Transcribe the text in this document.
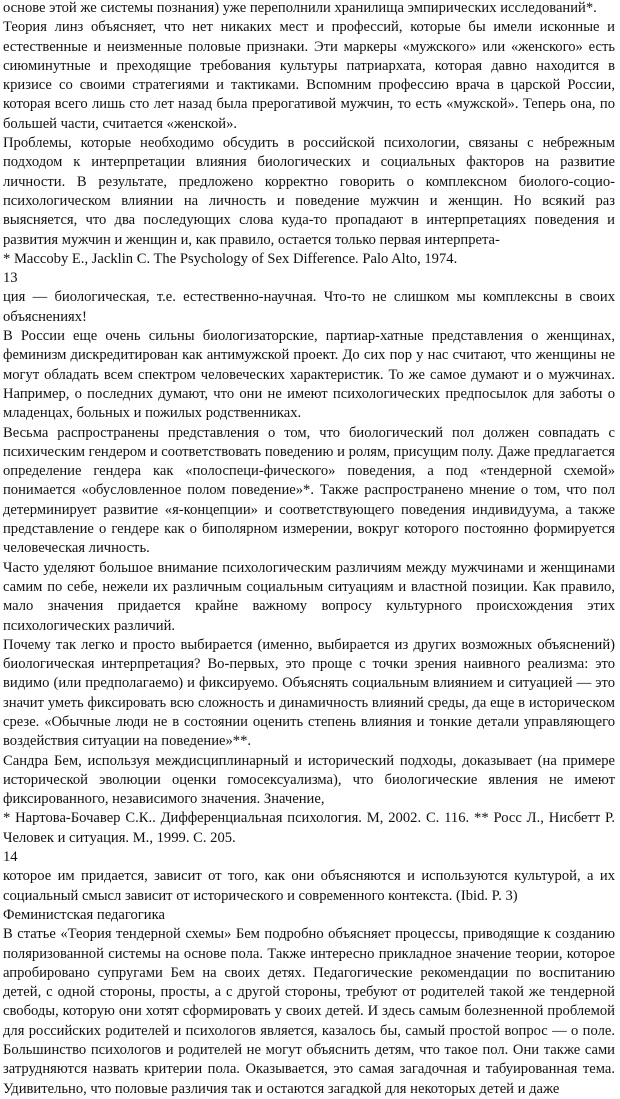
основе этой же системы познания) уже переполнили хранилища эмпирических исследований*.

Теория линз объясняет, что нет никаких мест и профессий, которые бы имели исконные и естественные и неизменные половые признаки. Эти маркеры «мужского» или «женского» есть сиюминутные и преходящие требования культуры патриархата, которая давно находится в кризисе со своими стратегиями и тактиками. Вспомним профессию врача в царской России, которая всего лишь сто лет назад была прерогативой мужчин, то есть «мужской». Теперь она, по большей части, считается «женской».

Проблемы, которые необходимо обсудить в российской психологии, связаны с небрежным подходом к интерпретации влияния биологических и социальных факторов на развитие личности. В результате, предложено корректно говорить о комплексном биолого-социо-психологическом влиянии на личность и поведение мужчин и женщин. Но всякий раз выясняется, что два последующих слова куда-то пропадают в интерпретациях поведения и развития мужчин и женщин и, как правило, остается только первая интерпрета-

* Maccoby E., Jacklin C. The Psychology of Sex Difference. Palo Alto, 1974.

13

ция — биологическая, т.е. естественно-научная. Что-то не слишком мы комплексны в своих объяснениях!

В России еще очень сильны биологизаторские, партиар-хатные представления о женщинах, феминизм дискредитирован как антимужской проект. До сих пор у нас считают, что женщины не могут обладать всем спектром человеческих характеристик. То же самое думают и о мужчинах. Например, о последних думают, что они не имеют психологических предпосылок для заботы о младенцах, больных и пожилых родственниках.

Весьма распространены представления о том, что биологический пол должен совпадать с психическим гендером и соответствовать поведению и ролям, присущим полу. Даже предлагается определение гендера как «полоспеци-фического» поведения, а под «тендерной схемой» понимается «обусловленное полом поведение»*. Также распространено мнение о том, что пол детерминирует развитие «я-концепции» и соответствующего поведения индивидуума, а также представление о гендере как о биполярном измерении, вокруг которого постоянно формируется человеческая личность.

Часто уделяют большое внимание психологическим различиям между мужчинами и женщинами самим по себе, нежели их различным социальным ситуациям и властной позиции. Как правило, мало значения придается крайне важному вопросу культурного происхождения этих психологических различий.

Почему так легко и просто выбирается (именно, выбирается из других возможных объяснений) биологическая интерпретация? Во-первых, это проще с точки зрения наивного реализма: это видимо (или предполагаемо) и фиксируемо. Объяснять социальным влиянием и ситуацией — это значит уметь фиксировать всю сложность и динамичность влияний среды, да еще в историческом срезе. «Обычные люди не в состоянии оценить степень влияния и тонкие детали управляющего воздействия ситуации на поведение»**.

Сандра Бем, используя междисциплинарный и исторический подходы, доказывает (на примере исторической эволюции оценки гомосексуализма), что биологические явления не имеют фиксированного, независимого значения. Значение,

* Нартова-Бочавер С.К.. Дифференциальная психология. М, 2002. С. 116. ** Росс Л., Нисбетт Р. Человек и ситуация. М., 1999. С. 205.

14

которое им придается, зависит от того, как они объясняются и используются культурой, а их социальный смысл зависит от исторического и современного контекста. (Ibid. P. 3)

Феминистская педагогика

В статье «Теория тендерной схемы» Бем подробно объясняет процессы, приводящие к созданию поляризованной системы на основе пола. Также интересно прикладное значение теории, которое апробировано супругами Бем на своих детях. Педагогические рекомендации по воспитанию детей, с одной стороны, просты, а с другой стороны, требуют от родителей такой же тендерной свободы, которую они хотят сформировать у своих детей. И здесь самым болезненной проблемой для российских родителей и психологов является, казалось бы, самый простой вопрос — о поле. Большинство психологов и родителей не могут объяснить детям, что такое пол. Они также сами затрудняются назвать критерии пола. Оказывается, это самая загадочная и табуированная тема. Удивительно, что половые различия так и остаются загадкой для некоторых детей и даже
